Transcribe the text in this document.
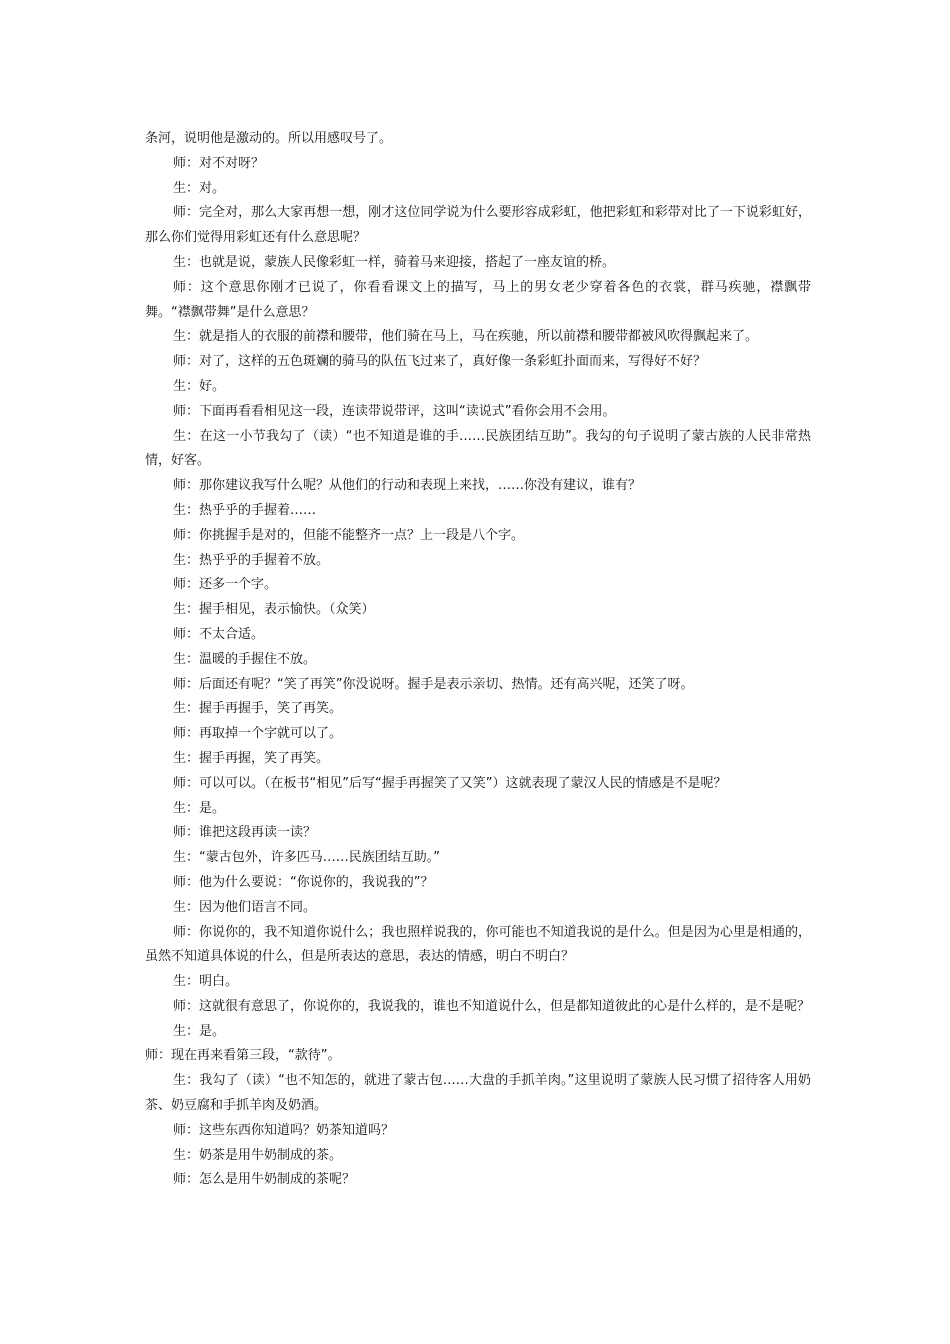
条河，说明他是激动的。所以用感叹号了。

师：对不对呀？

生：对。

师：完全对，那么大家再想一想，刚才这位同学说为什么要形容成彩虹，他把彩虹和彩带对比了一下说彩虹好，那么你们觉得用彩虹还有什么意思呢？

生：也就是说，蒙族人民像彩虹一样，骑着马来迎接，搭起了一座友谊的桥。

师：这个意思你刚才已说了，你看看课文上的描写，马上的男女老少穿着各色的衣裳，群马疾驰，襟飘带舞。“襟飘带舞”是什么意思？

生：就是指人的衣服的前襟和腰带，他们骑在马上，马在疾驰，所以前襟和腰带都被风吹得飘起来了。

师：对了，这样的五色斑斓的骑马的队伍飞过来了，真好像一条彩虹扑面而来，写得好不好？

生：好。

师：下面再看看相见这一段，连读带说带评，这叫“读说式”看你会用不会用。

生：在这一小节我勾了（读）“也不知道是谁的手……民族团结互助”。我勾的句子说明了蒙古族的人民非常热情，好客。

师：那你建议我写什么呢？从他们的行动和表现上来找，……你没有建议，谁有？

生：热乎乎的手握着……

师：你挑握手是对的，但能不能整齐一点？上一段是八个字。

生：热乎乎的手握着不放。

师：还多一个字。

生：握手相见，表示愉快。（众笑）

师：不太合适。

生：温暖的手握住不放。

师：后面还有呢？“笑了再笑”你没说呀。握手是表示亲切、热情。还有高兴呢，还笑了呀。

生：握手再握手，笑了再笑。

师：再取掉一个字就可以了。

生：握手再握，笑了再笑。

师：可以可以。（在板书“相见”后写“握手再握笑了又笑”）这就表现了蒙汉人民的情感是不是呢？

生：是。

师：谁把这段再读一读？

生：“蒙古包外，许多匹马……民族团结互助。”

师：他为什么要说：“你说你的，我说我的”？

生：因为他们语言不同。

师：你说你的，我不知道你说什么；我也照样说我的，你可能也不知道我说的是什么。但是因为心里是相通的，虽然不知道具体说的什么，但是所表达的意思，表达的情感，明白不明白？

生：明白。

师：这就很有意思了，你说你的，我说我的，谁也不知道说什么，但是都知道彼此的心是什么样的，是不是呢？

生：是。

师：现在再来看第三段，“款待”。

生：我勾了（读）“也不知怎的，就进了蒙古包……大盘的手抓羊肉。”这里说明了蒙族人民习惯了招待客人用奶茶、奶豆腐和手抓羊肉及奶酒。

师：这些东西你知道吗？奶茶知道吗？

生：奶茶是用牛奶制成的茶。

师：怎么是用牛奶制成的茶呢？
